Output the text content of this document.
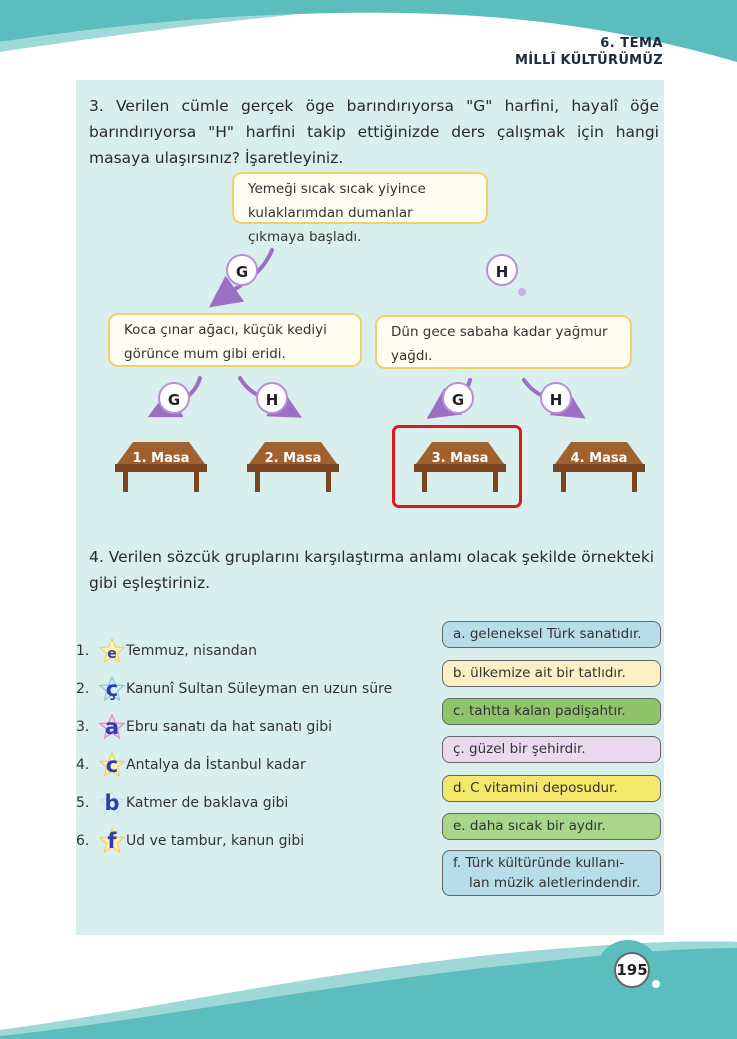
6. TEMA
MİLLÎ KÜLTÜRÜMÜZ
3. Verilen cümle gerçek öge barındırıyorsa "G" harfini, hayalî öğe barındırıyorsa "H" harfini takip ettiğinizde ders çalışmak için hangi masaya ulaşırsınız? İşaretleyiniz.
Yemeği sıcak sıcak yiyince kulaklarımdan dumanlar çıkmaya başladı.
G	H
Koca çınar ağacı, küçük kediyi görünce mum gibi eridi.
Dün gece sabaha kadar yağmur yağdı.
G	H	G	H
1. Masa	2. Masa	3. Masa	4. Masa
4. Verilen sözcük gruplarını karşılaştırma anlamı olacak şekilde örnekteki gibi eşleştiriniz.
1.	e Temmuz, nisandan
2. ç Kanunî Sultan Süleyman en uzun süre
3. a Ebru sanatı da hat sanatı gibi
4. c Antalya da İstanbul kadar
5. b Katmer de baklava gibi
6. f Ud ve tambur, kanun gibi
a. geleneksel Türk sanatıdır.
b. ülkemize ait bir tatlıdır.
c. tahtta kalan padişahtır.
ç. güzel bir şehirdir.
d. C vitamini deposudur.
e. daha sıcak bir aydır.
f. Türk kültüründe kullanı-
lan müzik aletlerindendir.
195
